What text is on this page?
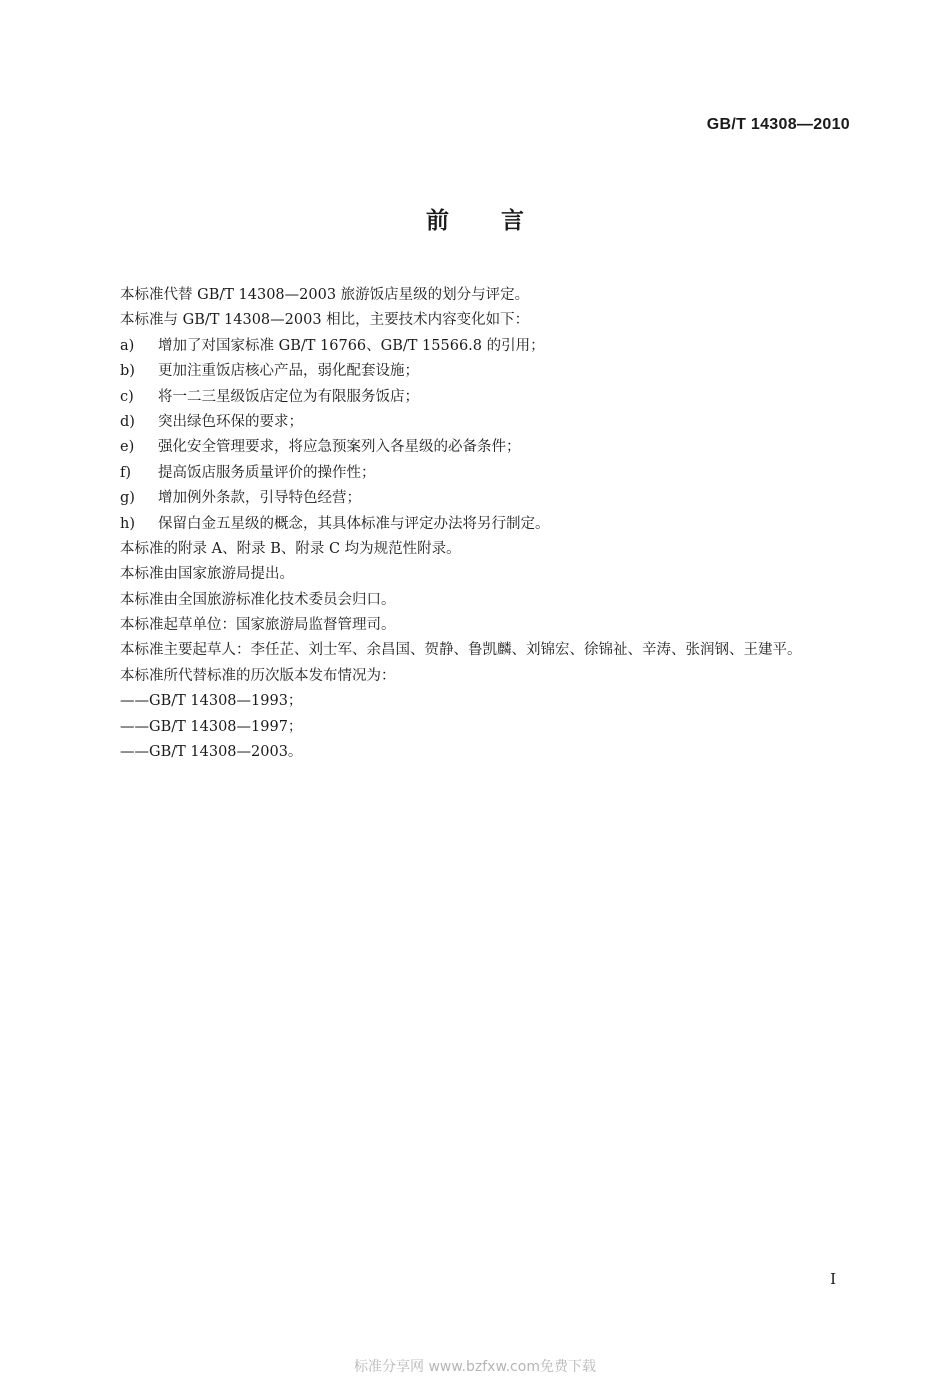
GB/T 14308—2010
前 言
本标准代替 GB/T 14308—2003 旅游饭店星级的划分与评定。
本标准与 GB/T 14308—2003 相比，主要技术内容变化如下：
a) 增加了对国家标准 GB/T 16766、GB/T 15566.8 的引用；
b) 更加注重饭店核心产品，弱化配套设施；
c) 将一二三星级饭店定位为有限服务饭店；
d) 突出绿色环保的要求；
e) 强化安全管理要求，将应急预案列入各星级的必备条件；
f) 提高饭店服务质量评价的操作性；
g) 增加例外条款，引导特色经营；
h) 保留白金五星级的概念，其具体标准与评定办法将另行制定。
本标准的附录 A、附录 B、附录 C 均为规范性附录。
本标准由国家旅游局提出。
本标准由全国旅游标准化技术委员会归口。
本标准起草单位：国家旅游局监督管理司。
本标准主要起草人：李任芷、刘士军、余昌国、贺静、鲁凯麟、刘锦宏、徐锦祉、辛涛、张润钢、王建平。
本标准所代替标准的历次版本发布情况为：
——GB/T 14308—1993；
——GB/T 14308—1997；
——GB/T 14308—2003。
I
标准分享网 www.bzfxw.com免费下载
